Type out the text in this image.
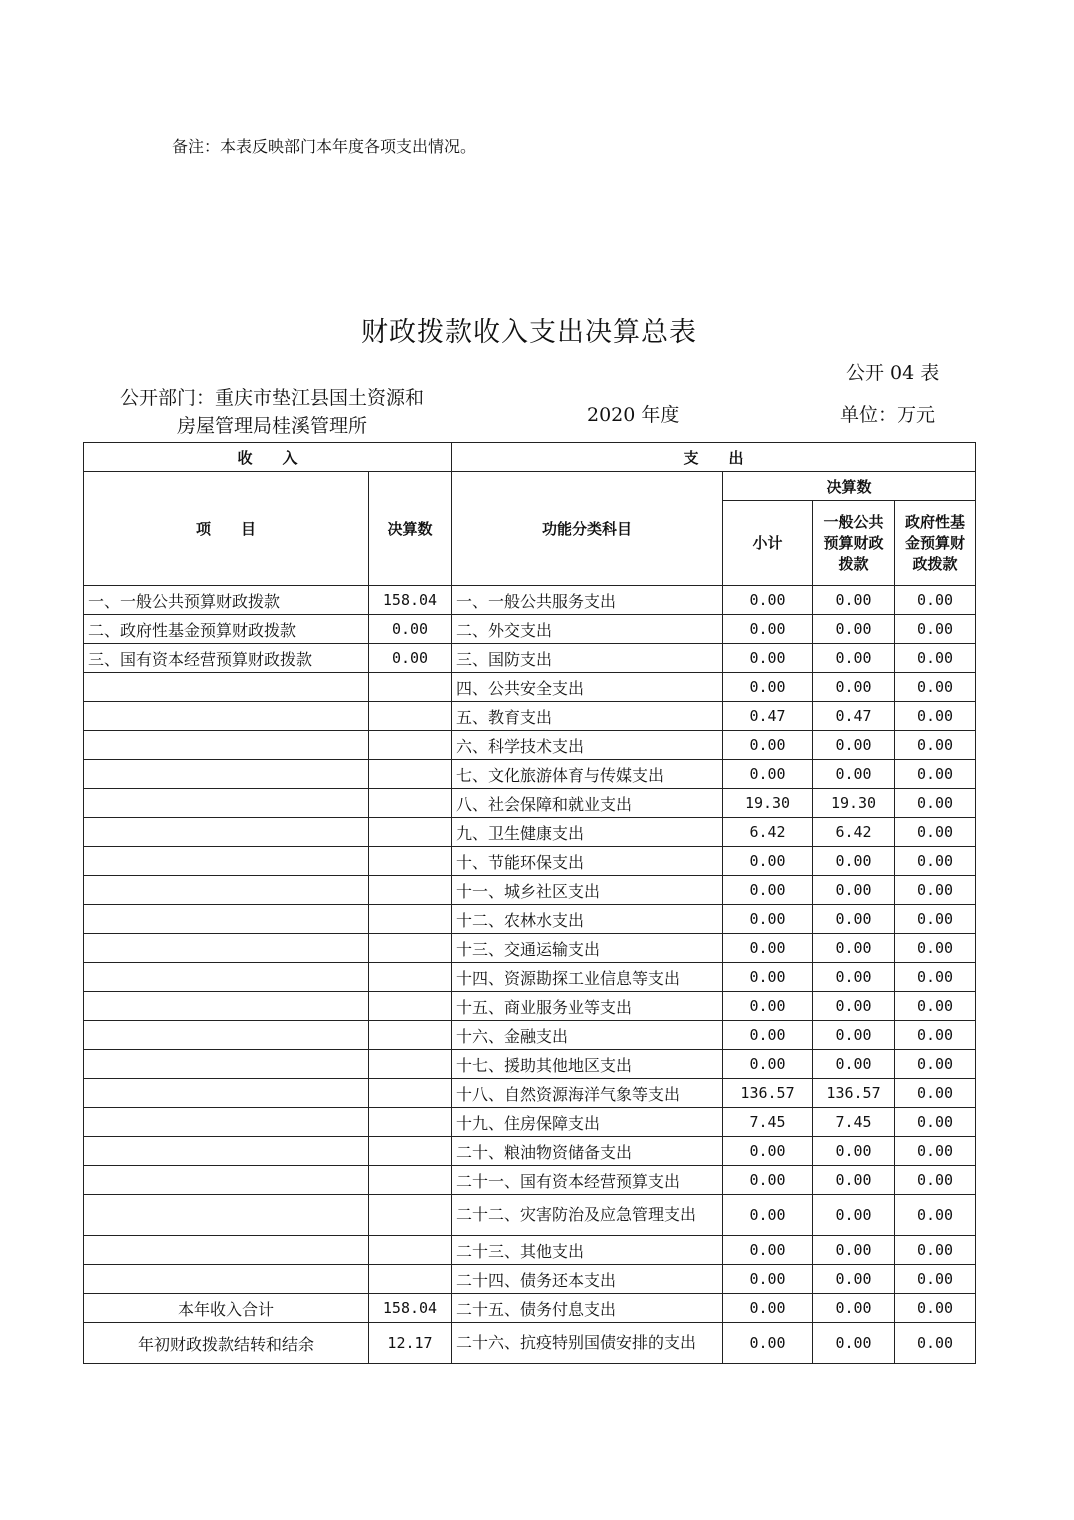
备注：本表反映部门本年度各项支出情况。
财政拨款收入支出决算总表
公开 04 表
公开部门：重庆市垫江县国土资源和
房屋管理局桂溪管理所	2020 年度	单位：万元
收　　入		支　　出			
项　　目	决算数	功能分类科目	决算数		
			小计	一般公共预算财政拨款	政府性基金预算财政拨款
一、一般公共预算财政拨款	158.04	一、一般公共服务支出	0.00	0.00	0.00
二、政府性基金预算财政拨款	0.00	二、外交支出	0.00	0.00	0.00
三、国有资本经营预算财政拨款	0.00	三、国防支出	0.00	0.00	0.00
		四、公共安全支出	0.00	0.00	0.00
		五、教育支出	0.47	0.47	0.00
		六、科学技术支出	0.00	0.00	0.00
		七、文化旅游体育与传媒支出	0.00	0.00	0.00
		八、社会保障和就业支出	19.30	19.30	0.00
		九、卫生健康支出	6.42	6.42	0.00
		十、节能环保支出	0.00	0.00	0.00
		十一、城乡社区支出	0.00	0.00	0.00
		十二、农林水支出	0.00	0.00	0.00
		十三、交通运输支出	0.00	0.00	0.00
		十四、资源勘探工业信息等支出	0.00	0.00	0.00
		十五、商业服务业等支出	0.00	0.00	0.00
		十六、金融支出	0.00	0.00	0.00
		十七、援助其他地区支出	0.00	0.00	0.00
		十八、自然资源海洋气象等支出	136.57	136.57	0.00
		十九、住房保障支出	7.45	7.45	0.00
		二十、粮油物资储备支出	0.00	0.00	0.00
		二十一、国有资本经营预算支出	0.00	0.00	0.00
		二十二、灾害防治及应急管理支出	0.00	0.00	0.00
		二十三、其他支出	0.00	0.00	0.00
		二十四、债务还本支出	0.00	0.00	0.00
本年收入合计	158.04	二十五、债务付息支出	0.00	0.00	0.00
年初财政拨款结转和结余	12.17	二十六、抗疫特别国债安排的支出	0.00	0.00	0.00
